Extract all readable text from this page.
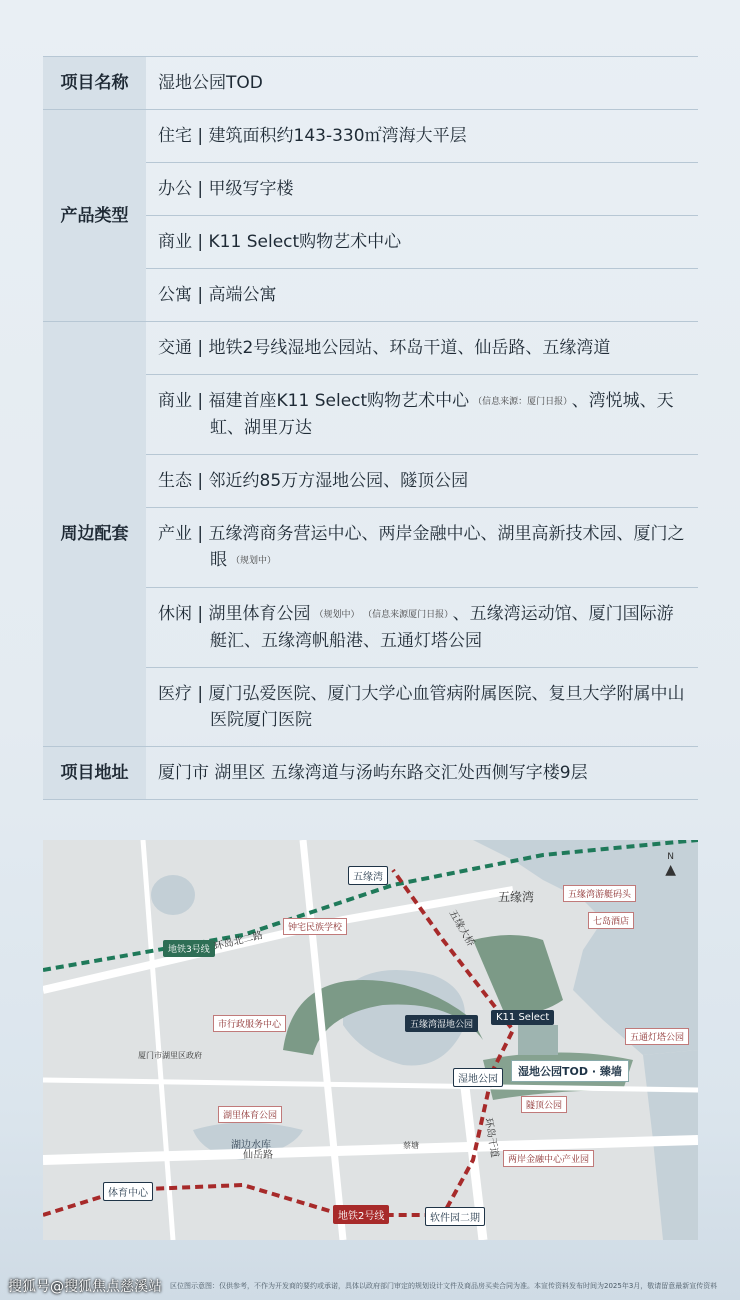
项目名称	湿地公园TOD
产品类型	住宅 | 建筑面积约143-330㎡湾海大平层
	办公 | 甲级写字楼
	商业 | K11 Select购物艺术中心
	公寓 | 高端公寓
周边配套	交通 | 地铁2号线湿地公园站、环岛干道、仙岳路、五缘湾道

	商业 | 福建首座K11 Select购物艺术中心 （信息来源：厦门日报） 、湾悦城、天虹、湖里万达

	生态 | 邻近约85万方湿地公园、隧顶公园

	产业 | 五缘湾商务营运中心、两岸金融中心、湖里高新技术园、厦门之眼 （规划中）

	休闲 | 湖里体育公园 （规划中） （信息来源厦门日报） 、五缘湾运动馆、厦门国际游艇汇、五缘湾帆船港、五通灯塔公园

	医疗 | 厦门弘爱医院、厦门大学心血管病附属医院、复旦大学附属中山医院厦门医院

项目地址	厦门市 湖里区 五缘湾道与汤屿东路交汇处西侧写字楼9层
五缘湾
五缘湾
地铁3号线 环岛北二路	五缘大桥
五缘湾游艇码头
七岛酒店
钟宅民族学校
K11 Select
五缘湾湿地公园
湿地公园TOD · 臻墙
湿地公园
市行政服务中心
湖里体育公园
厦门市湖里区政府
仙岳路	环岛干道
湖边水库
体育中心
地铁2号线	软件园二期
两岸金融中心产业园
五通灯塔公园
隧顶公园
蔡塘
N
▲
搜狐号@搜狐焦点慈溪站 区位图示意图：仅供参考，不作为开发商的要约或承诺，具体以政府部门审定的规划设计文件及商品房买卖合同为准。本宣传资料发布时间为2025年3月，敬请留意最新宣传资料
